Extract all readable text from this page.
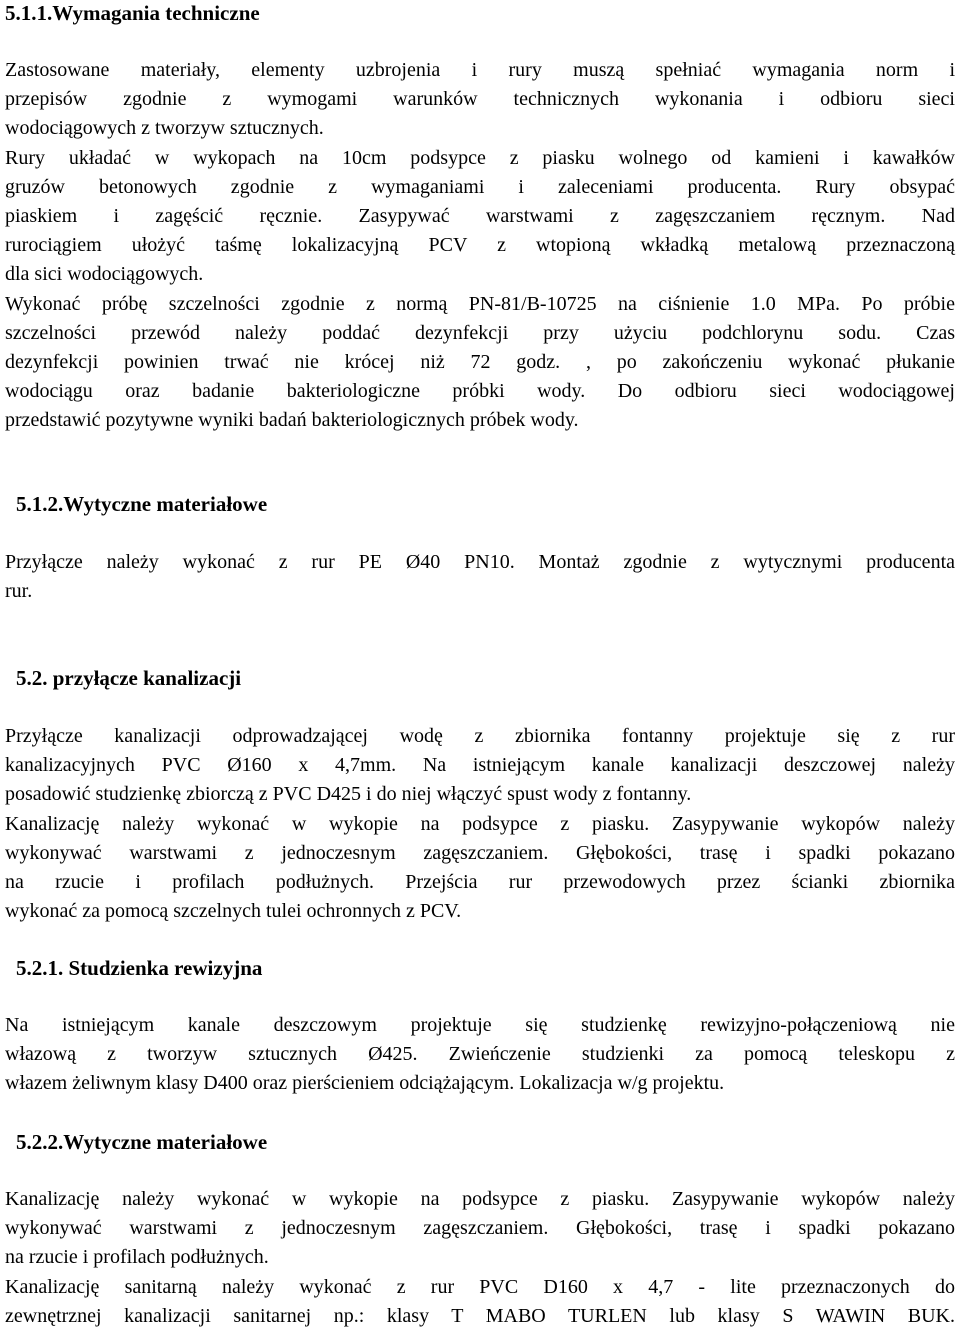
5.1.1.Wymagania techniczne
Zastosowane materiały, elementy uzbrojenia i rury muszą spełniać wymagania norm i
przepisów zgodnie z wymogami warunków technicznych wykonania i odbioru sieci
wodociągowych z tworzyw sztucznych.
Rury układać w wykopach na 10cm podsypce z piasku wolnego od kamieni i kawałków
gruzów betonowych zgodnie z wymaganiami i zaleceniami producenta. Rury obsypać
piaskiem i zagęścić ręcznie. Zasypywać warstwami z zagęszczaniem ręcznym. Nad
rurociągiem ułożyć taśmę lokalizacyjną PCV z wtopioną wkładką metalową przeznaczoną
dla sici wodociągowych.
Wykonać próbę szczelności zgodnie z normą PN-81/B-10725 na ciśnienie 1.0 MPa. Po próbie
szczelności przewód należy poddać dezynfekcji przy użyciu podchlorynu sodu. Czas
dezynfekcji powinien trwać nie krócej niż 72 godz. , po zakończeniu wykonać płukanie
wodociągu oraz badanie bakteriologiczne próbki wody. Do odbioru sieci wodociągowej
przedstawić pozytywne wyniki badań bakteriologicznych próbek wody.
5.1.2.Wytyczne materiałowe
Przyłącze należy wykonać z rur PE Ø40 PN10. Montaż zgodnie z wytycznymi producenta
rur.
5.2. przyłącze kanalizacji
Przyłącze kanalizacji odprowadzającej wodę z zbiornika fontanny projektuje się z rur
kanalizacyjnych PVC Ø160 x 4,7mm. Na istniejącym kanale kanalizacji deszczowej należy
posadowić studzienkę zbiorczą z PVC D425 i do niej włączyć spust wody z fontanny.
Kanalizację należy wykonać w wykopie na podsypce z piasku. Zasypywanie wykopów należy
wykonywać warstwami z jednoczesnym zagęszczaniem. Głębokości, trasę i spadki pokazano
na rzucie i profilach podłużnych. Przejścia rur przewodowych przez ścianki zbiornika
wykonać za pomocą szczelnych tulei ochronnych z PCV.
5.2.1. Studzienka rewizyjna
Na istniejącym kanale deszczowym projektuje się studzienkę rewizyjno-połączeniową nie
włazową z tworzyw sztucznych Ø425. Zwieńczenie studzienki za pomocą teleskopu z
włazem żeliwnym klasy D400 oraz pierścieniem odciążającym. Lokalizacja w/g projektu.
5.2.2.Wytyczne materiałowe
Kanalizację należy wykonać w wykopie na podsypce z piasku. Zasypywanie wykopów należy
wykonywać warstwami z jednoczesnym zagęszczaniem. Głębokości, trasę i spadki pokazano
na rzucie i profilach podłużnych.
Kanalizację sanitarną należy wykonać z rur PVC D160 x 4,7 - lite przeznaczonych do
zewnętrznej kanalizacji sanitarnej np.: klasy T MABO TURLEN lub klasy S WAWIN BUK.
